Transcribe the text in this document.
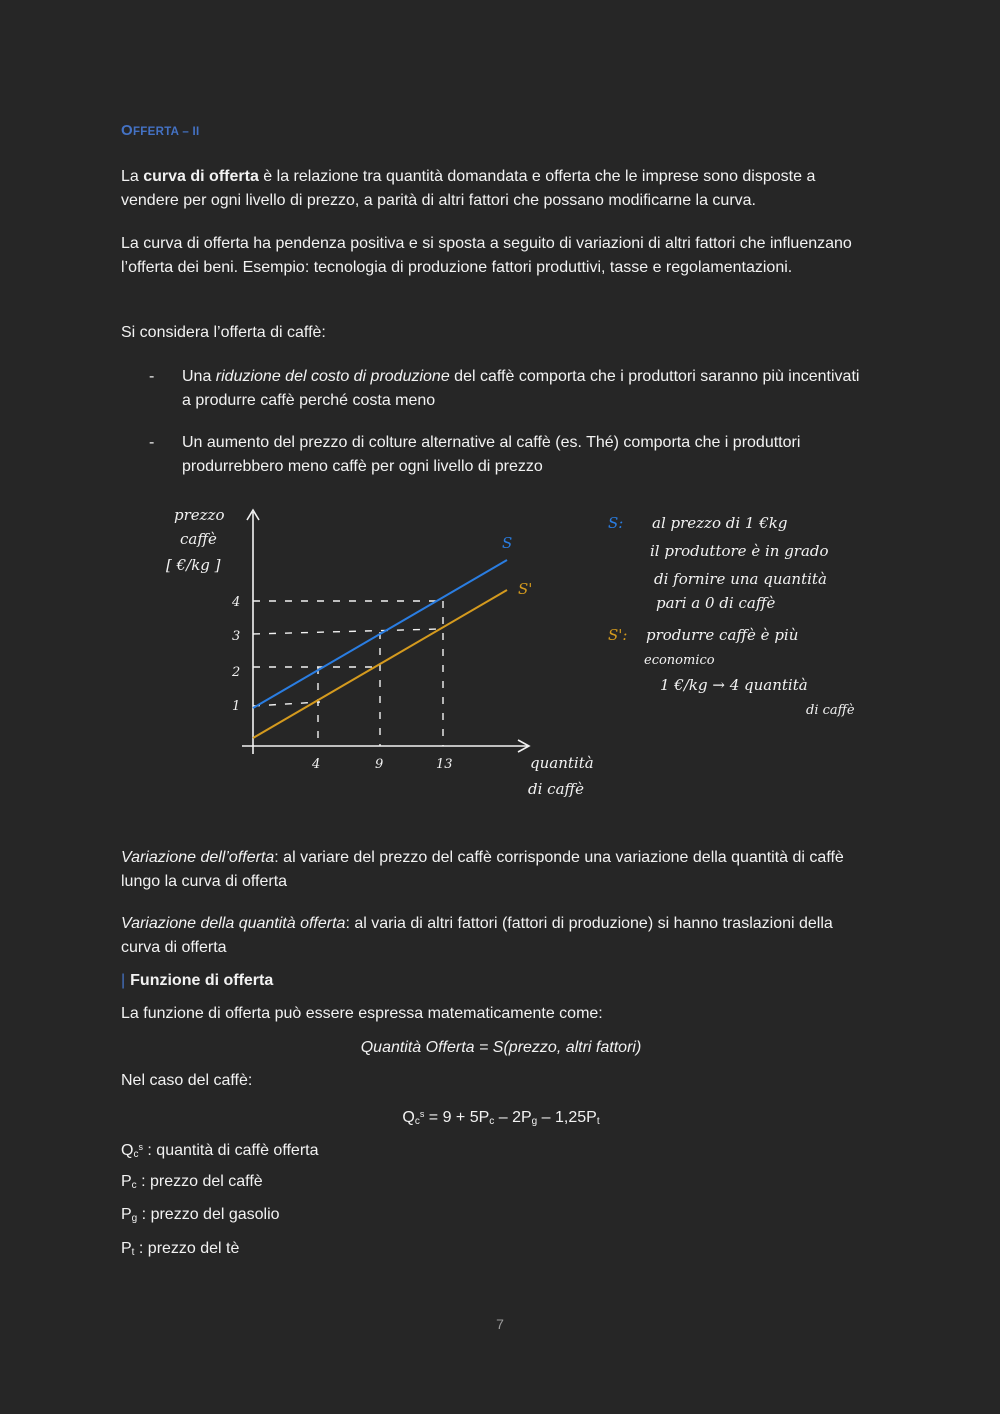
OFFERTA – II

La curva di offerta è la relazione tra quantità domandata e offerta che le imprese sono disposte a vendere per ogni livello di prezzo, a parità di altri fattori che possano modificarne la curva.

La curva di offerta ha pendenza positiva e si sposta a seguito di variazioni di altri fattori che influenzano l’offerta dei beni. Esempio: tecnologia di produzione fattori produttivi, tasse e regolamentazioni.

Si considera l’offerta di caffè:

- Una riduzione del costo di produzione del caffè comporta che i produttori saranno più incentivati a produrre caffè perché costa meno
- Un aumento del prezzo di colture alternative al caffè (es. Thé) comporta che i produttori produrrebbero meno caffè per ogni livello di prezzo

Variazione dell’offerta: al variare del prezzo del caffè corrisponde una variazione della quantità di caffè lungo la curva di offerta

Variazione della quantità offerta: al varia di altri fattori (fattori di produzione) si hanno traslazioni della curva di offerta

| Funzione di offerta

La funzione di offerta può essere espressa matematicamente come:

Quantità Offerta = S(prezzo, altri fattori)

Nel caso del caffè:

$Qc^s = 9 + 5Pc - 2Pg - 1,25Pt$
Qc$^s$ : quantità di caffè offerta
Pc : prezzo del caffè
Pg : prezzo del gasolio
Pt : prezzo del tè
prezzo
caffè
[ €/kg ]
1
2
3
4
4	9	13	quantità
di caffè
S
S'
S: al prezzo di 1 €kg
il produttore è in grado
di fornire una quantità
pari a 0 di caffè
S': produrre caffè è più
economico
1 €/kg → 4 quantità
di caffè
7
